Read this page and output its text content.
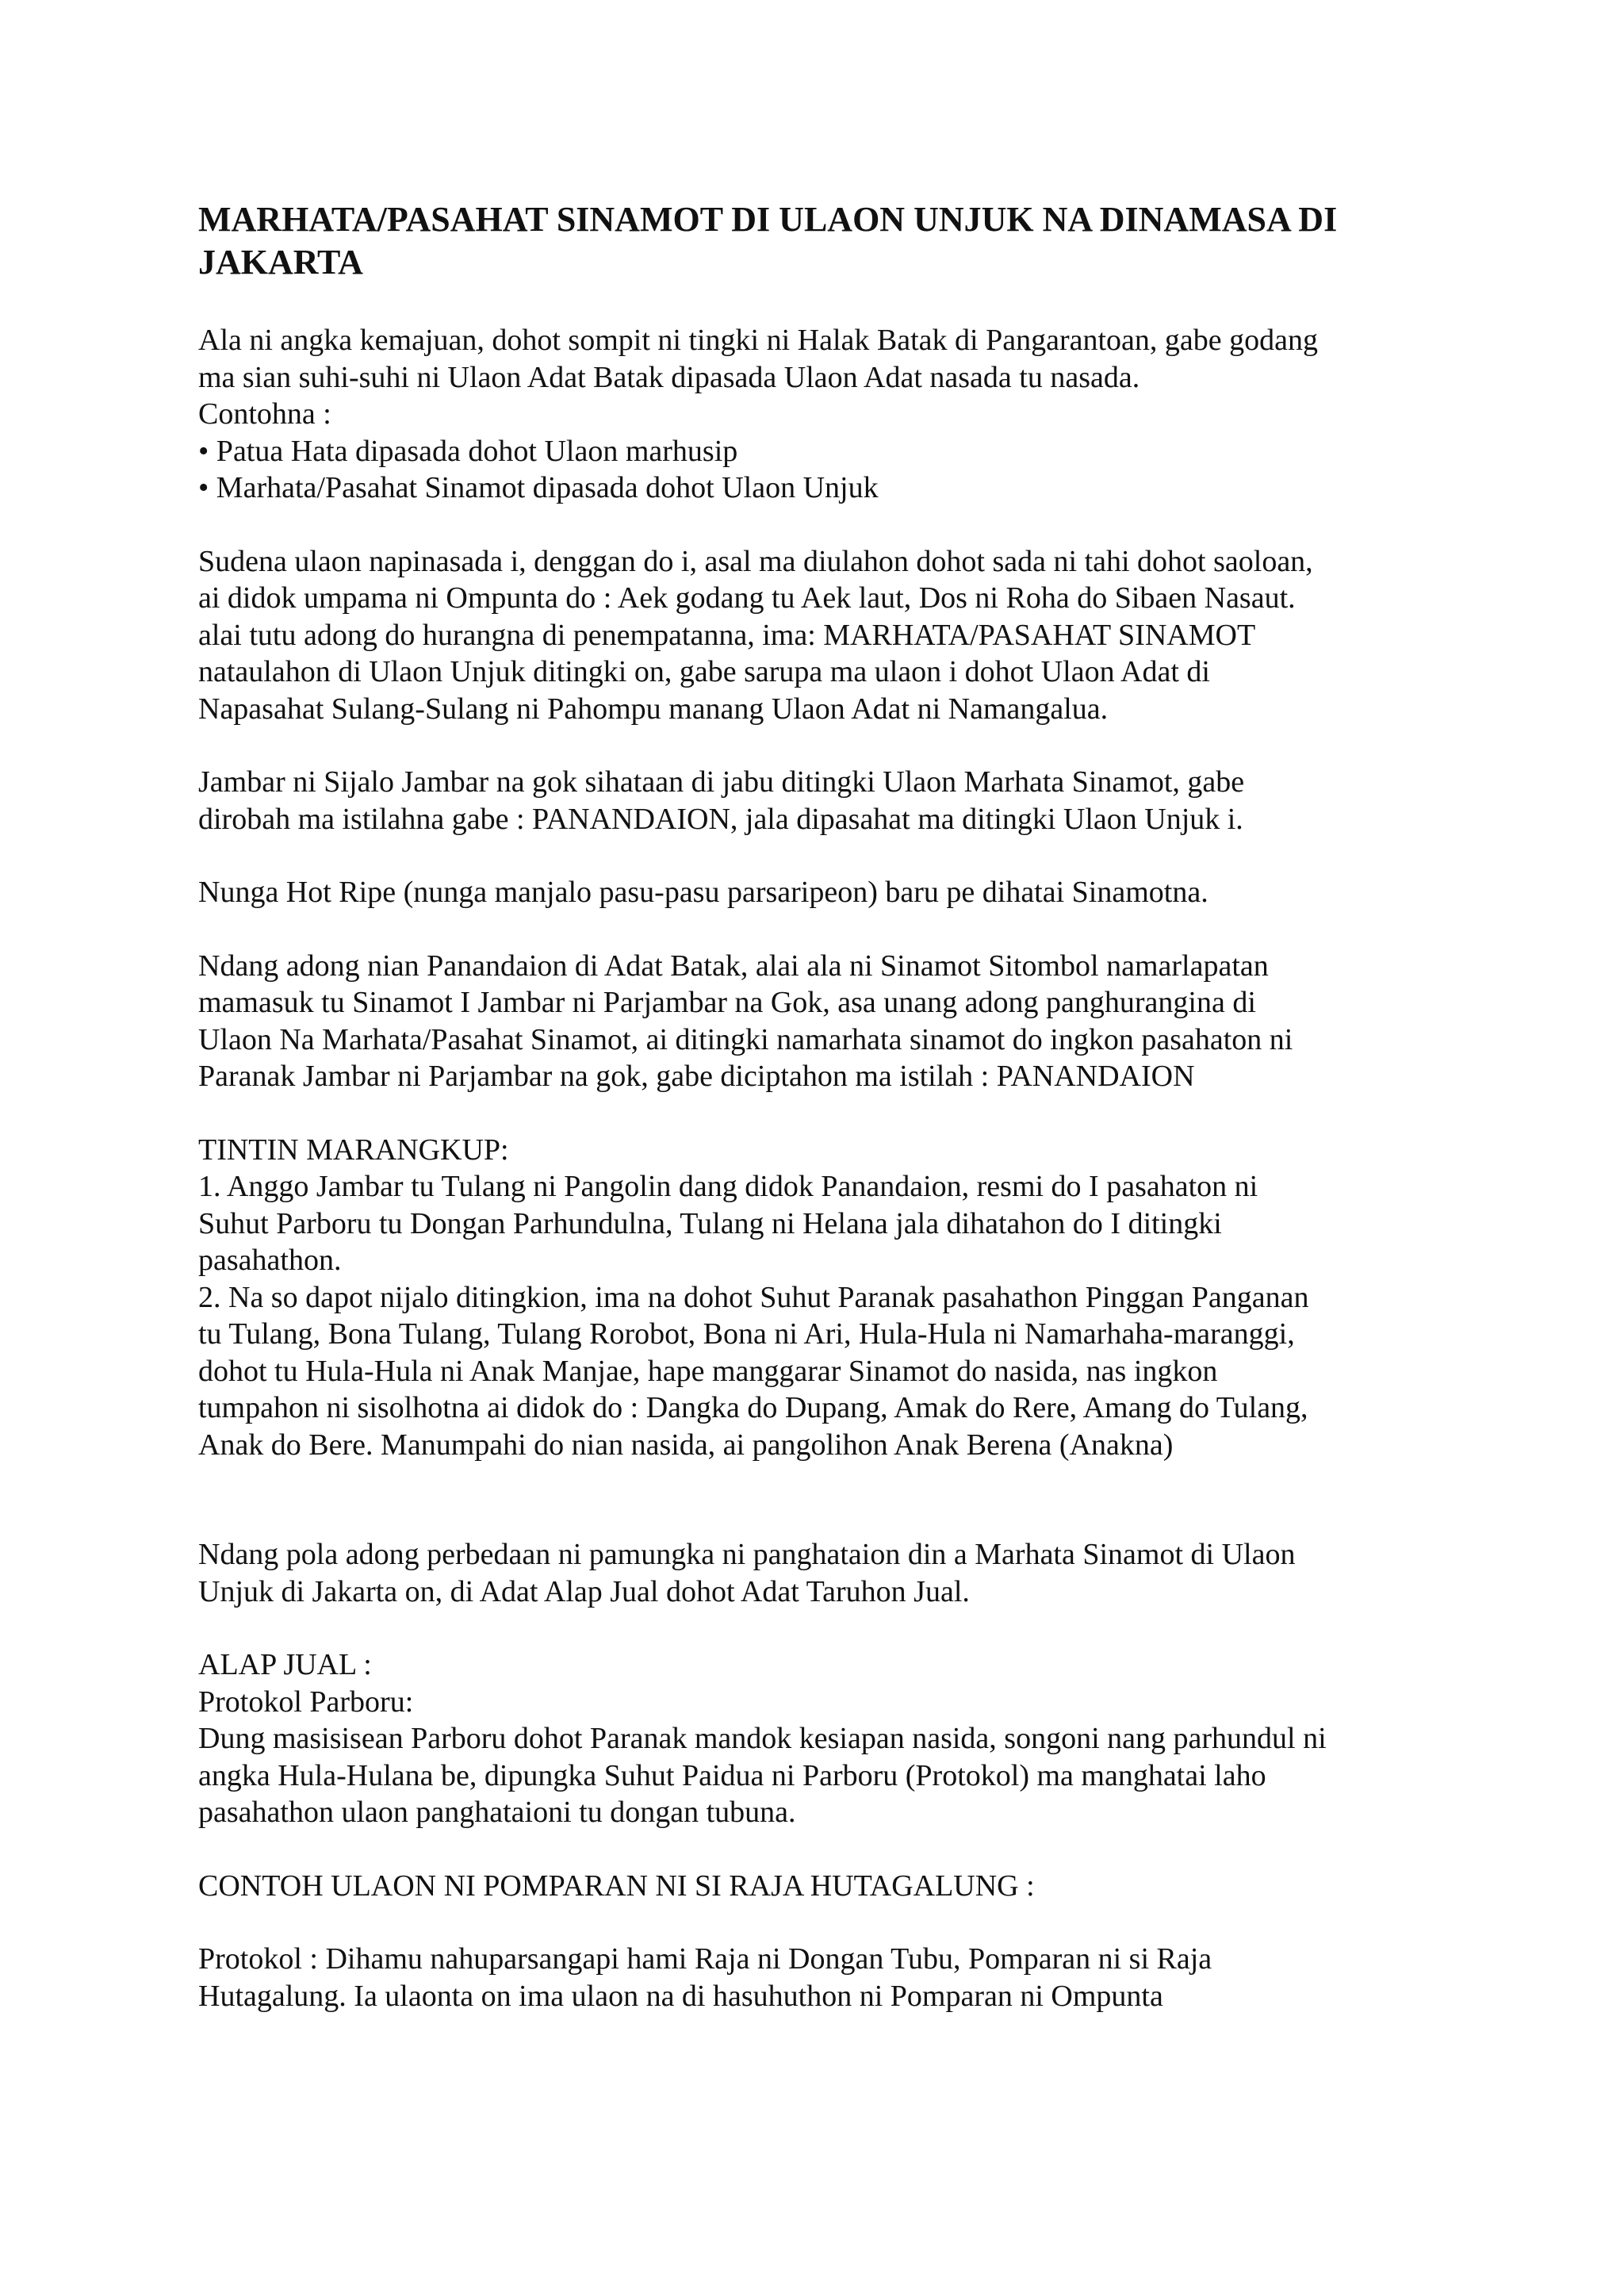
MARHATA/PASAHAT SINAMOT DI ULAON UNJUK NA DINAMASA DI
JAKARTA
Ala ni angka kemajuan, dohot sompit ni tingki ni Halak Batak di Pangarantoan, gabe godang
ma sian suhi-suhi ni Ulaon Adat Batak dipasada Ulaon Adat nasada tu nasada.
Contohna :
• Patua Hata dipasada dohot Ulaon marhusip
• Marhata/Pasahat Sinamot dipasada dohot Ulaon Unjuk
Sudena ulaon napinasada i, denggan do i, asal ma diulahon dohot sada ni tahi dohot saoloan,
ai didok umpama ni Ompunta do : Aek godang tu Aek laut, Dos ni Roha do Sibaen Nasaut.
alai tutu adong do hurangna di penempatanna, ima: MARHATA/PASAHAT SINAMOT
nataulahon di Ulaon Unjuk ditingki on, gabe sarupa ma ulaon i dohot Ulaon Adat di
Napasahat Sulang-Sulang ni Pahompu manang Ulaon Adat ni Namangalua.
Jambar ni Sijalo Jambar na gok sihataan di jabu ditingki Ulaon Marhata Sinamot, gabe
dirobah ma istilahna gabe : PANANDAION, jala dipasahat ma ditingki Ulaon Unjuk i.
Nunga Hot Ripe (nunga manjalo pasu-pasu parsaripeon) baru pe dihatai Sinamotna.
Ndang adong nian Panandaion di Adat Batak, alai ala ni Sinamot Sitombol namarlapatan
mamasuk tu Sinamot I Jambar ni Parjambar na Gok, asa unang adong panghurangina di
Ulaon Na Marhata/Pasahat Sinamot, ai ditingki namarhata sinamot do ingkon pasahaton ni
Paranak Jambar ni Parjambar na gok, gabe diciptahon ma istilah : PANANDAION
TINTIN MARANGKUP:
1. Anggo Jambar tu Tulang ni Pangolin dang didok Panandaion, resmi do I pasahaton ni
Suhut Parboru tu Dongan Parhundulna, Tulang ni Helana jala dihatahon do I ditingki
pasahathon.
2. Na so dapot nijalo ditingkion, ima na dohot Suhut Paranak pasahathon Pinggan Panganan
tu Tulang, Bona Tulang, Tulang Rorobot, Bona ni Ari, Hula-Hula ni Namarhaha-maranggi,
dohot tu Hula-Hula ni Anak Manjae, hape manggarar Sinamot do nasida, nas ingkon
tumpahon ni sisolhotna ai didok do : Dangka do Dupang, Amak do Rere, Amang do Tulang,
Anak do Bere. Manumpahi do nian nasida, ai pangolihon Anak Berena (Anakna)
Ndang pola adong perbedaan ni pamungka ni panghataion din a Marhata Sinamot di Ulaon
Unjuk di Jakarta on, di Adat Alap Jual dohot Adat Taruhon Jual.
ALAP JUAL :
Protokol Parboru:
Dung masisisean Parboru dohot Paranak mandok kesiapan nasida, songoni nang parhundul ni
angka Hula-Hulana be, dipungka Suhut Paidua ni Parboru (Protokol) ma manghatai laho
pasahathon ulaon panghataioni tu dongan tubuna.
CONTOH ULAON NI POMPARAN NI SI RAJA HUTAGALUNG :
Protokol : Dihamu nahuparsangapi hami Raja ni Dongan Tubu, Pomparan ni si Raja
Hutagalung. Ia ulaonta on ima ulaon na di hasuhuthon ni Pomparan ni Ompunta
